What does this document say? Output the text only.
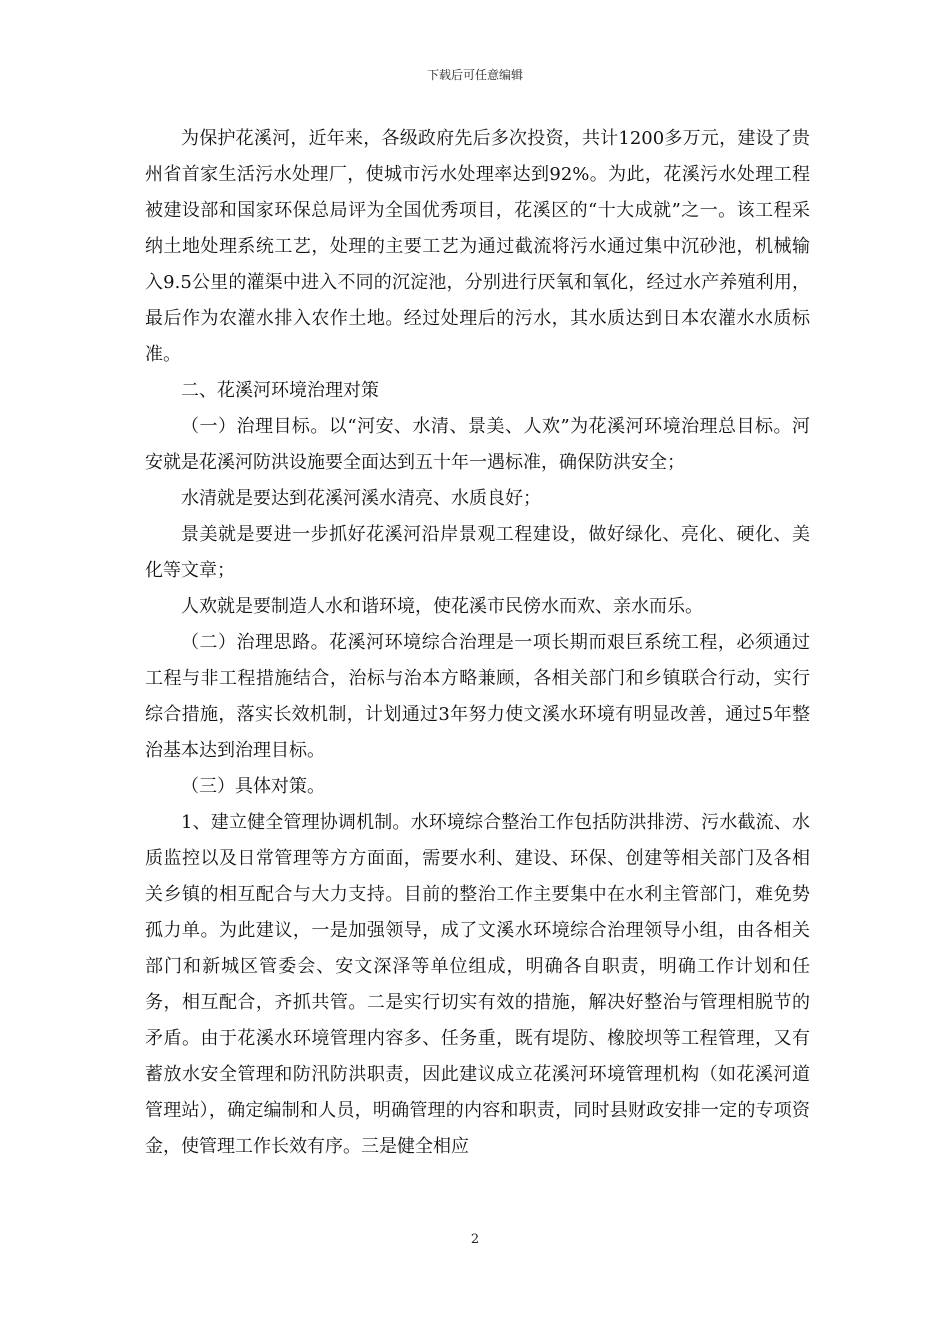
下载后可任意编辑

为保护花溪河，近年来，各级政府先后多次投资，共计1200多万元，建设了贵州省首家生活污水处理厂，使城市污水处理率达到92%。为此，花溪污水处理工程被建设部和国家环保总局评为全国优秀项目，花溪区的“十大成就”之一。该工程采纳土地处理系统工艺，处理的主要工艺为通过截流将污水通过集中沉砂池，机械输入9.5公里的灌渠中进入不同的沉淀池，分别进行厌氧和氧化，经过水产养殖利用，最后作为农灌水排入农作土地。经过处理后的污水，其水质达到日本农灌水水质标准。

二、花溪河环境治理对策

（一）治理目标。以“河安、水清、景美、人欢”为花溪河环境治理总目标。河安就是花溪河防洪设施要全面达到五十年一遇标准，确保防洪安全；

水清就是要达到花溪河溪水清亮、水质良好；

景美就是要进一步抓好花溪河沿岸景观工程建设，做好绿化、亮化、硬化、美化等文章；

人欢就是要制造人水和谐环境，使花溪市民傍水而欢、亲水而乐。

（二）治理思路。花溪河环境综合治理是一项长期而艰巨系统工程，必须通过工程与非工程措施结合，治标与治本方略兼顾，各相关部门和乡镇联合行动，实行综合措施，落实长效机制，计划通过3年努力使文溪水环境有明显改善，通过5年整治基本达到治理目标。

（三）具体对策。

1、建立健全管理协调机制。水环境综合整治工作包括防洪排涝、污水截流、水质监控以及日常管理等方方面面，需要水利、建设、环保、创建等相关部门及各相关乡镇的相互配合与大力支持。目前的整治工作主要集中在水利主管部门，难免势孤力单。为此建议，一是加强领导，成了文溪水环境综合治理领导小组，由各相关部门和新城区管委会、安文深泽等单位组成，明确各自职责，明确工作计划和任务，相互配合，齐抓共管。二是实行切实有效的措施，解决好整治与管理相脱节的矛盾。由于花溪水环境管理内容多、任务重，既有堤防、橡胶坝等工程管理，又有蓄放水安全管理和防汛防洪职责，因此建议成立花溪河环境管理机构（如花溪河道管理站），确定编制和人员，明确管理的内容和职责，同时县财政安排一定的专项资金，使管理工作长效有序。三是健全相应

2
